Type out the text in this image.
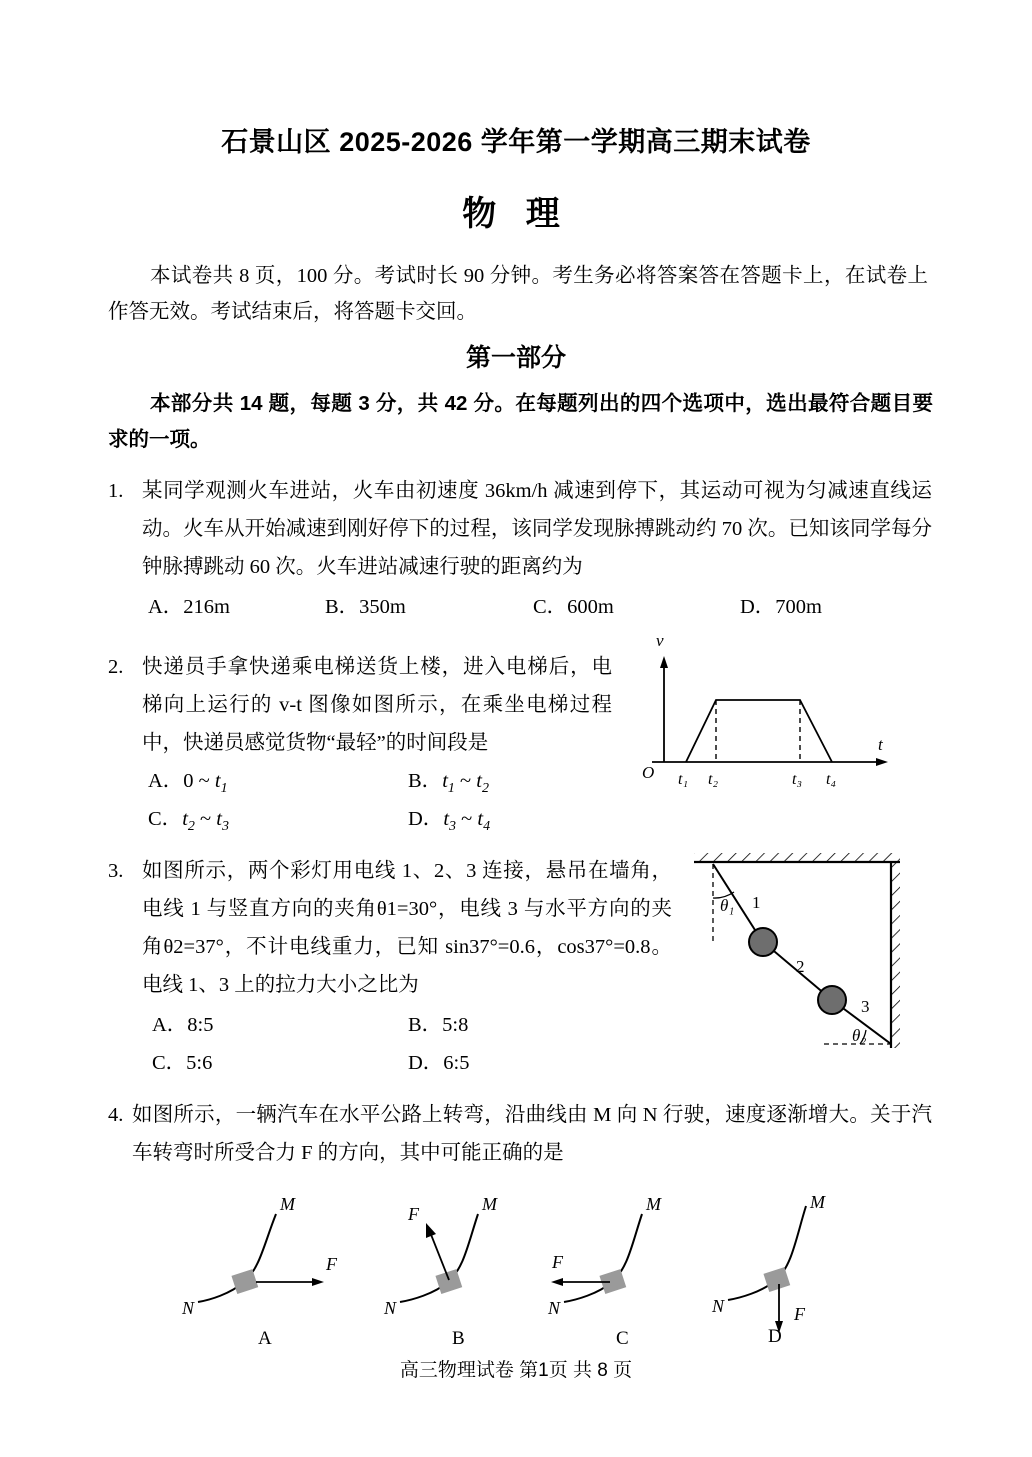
石景山区 2025-2026 学年第一学期高三期末试卷
物 理
本试卷共 8 页，100 分。考试时长 90 分钟。考生务必将答案答在答题卡上，在试卷上作答无效。考试结束后，将答题卡交回。
第一部分
本部分共 14 题，每题 3 分，共 42 分。在每题列出的四个选项中，选出最符合题目要求的一项。
1. 某同学观测火车进站，火车由初速度 36km/h 减速到停下，其运动可视为匀减速直线运动。火车从开始减速到刚好停下的过程，该同学发现脉搏跳动约 70 次。已知该同学每分钟脉搏跳动 60 次。火车进站减速行驶的距离约为
A．216m	B．350m	C．600m	D．700m
2. 快递员手拿快递乘电梯送货上楼，进入电梯后，电梯向上运行的 v-t 图像如图所示，在乘坐电梯过程中，快递员感觉货物“最轻”的时间段是
A．0 ~ $t_1$	B．$t_1$ ~ $t_2$
C．$t_2$ ~ $t_3$	D．$t_3$ ~ $t_4$
v
t
O t₁ t₂	t₃ t₄
3. 如图所示，两个彩灯用电线 1、2、3 连接，悬吊在墙角，电线 1 与竖直方向的夹角θ1=30°，电线 3 与水平方向的夹角θ2=37°，不计电线重力，已知 sin37°=0.6，cos37°=0.8。电线 1、3 上的拉力大小之比为
A．8:5	B．5:8
C．5:6	D．6:5
θ₁
θ₂
1
2
3
4. 如图所示，一辆汽车在水平公路上转弯，沿曲线由 M 向 N 行驶，速度逐渐增大。关于汽车转弯时所受合力 F 的方向，其中可能正确的是
M
N
F
A
M
N
F
B
M
N
F
C
M
N	F
D
高三物理试卷 第1页 共 8 页
